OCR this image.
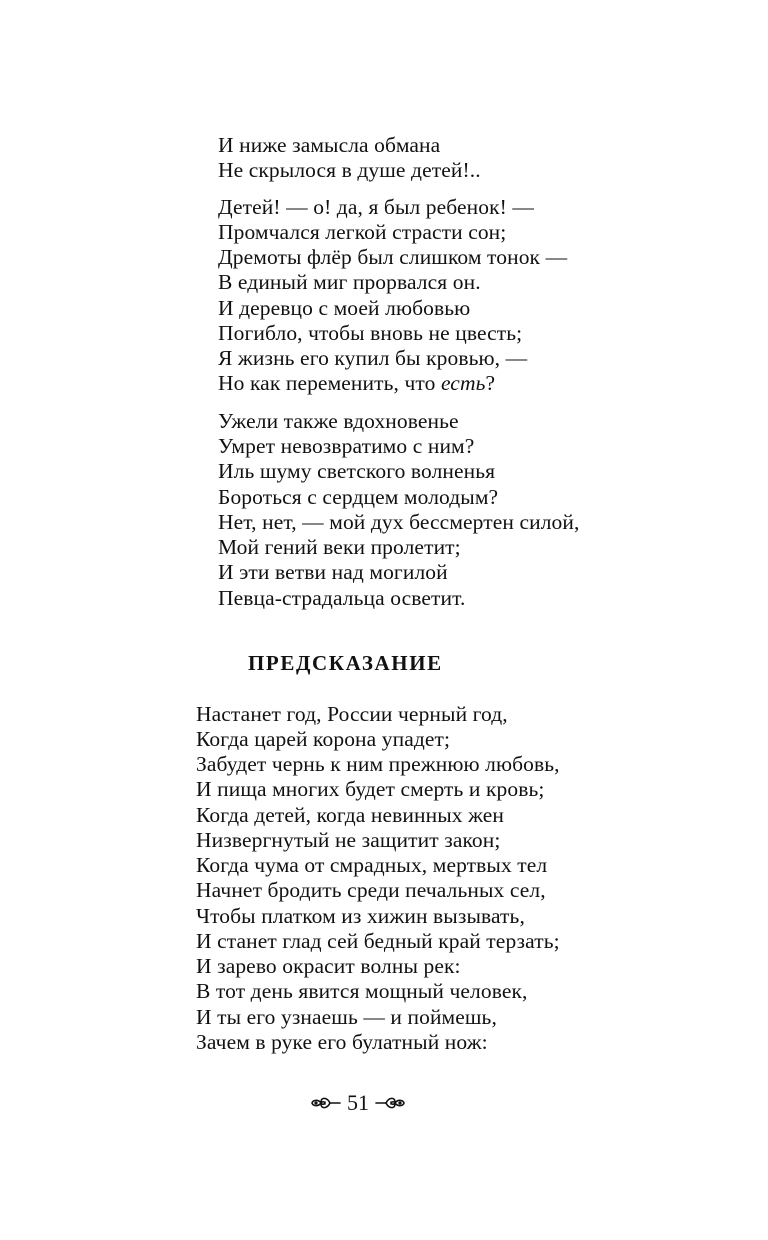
И ниже замысла обмана
Не скрылося в душе детей!..
Детей! — о! да, я был ребенок! —
Промчался легкой страсти сон;
Дремоты флёр был слишком тонок —
В единый миг прорвался он.
И деревцо с моей любовью
Погибло, чтобы вновь не цвесть;
Я жизнь его купил бы кровью, —
Но как переменить, что есть?
Ужели также вдохновенье
Умрет невозвратимо с ним?
Иль шуму светского волненья
Бороться с сердцем молодым?
Нет, нет, — мой дух бессмертен силой,
Мой гений веки пролетит;
И эти ветви над могилой
Певца-страдальца осветит.
ПРЕДСКАЗАНИЕ
Настанет год, России черный год,
Когда царей корона упадет;
Забудет чернь к ним прежнюю любовь,
И пища многих будет смерть и кровь;
Когда детей, когда невинных жен
Низвергнутый не защитит закон;
Когда чума от смрадных, мертвых тел
Начнет бродить среди печальных сел,
Чтобы платком из хижин вызывать,
И станет глад сей бедный край терзать;
И зарево окрасит волны рек:
В тот день явится мощный человек,
И ты его узнаешь — и поймешь,
Зачем в руке его булатный нож:
51
